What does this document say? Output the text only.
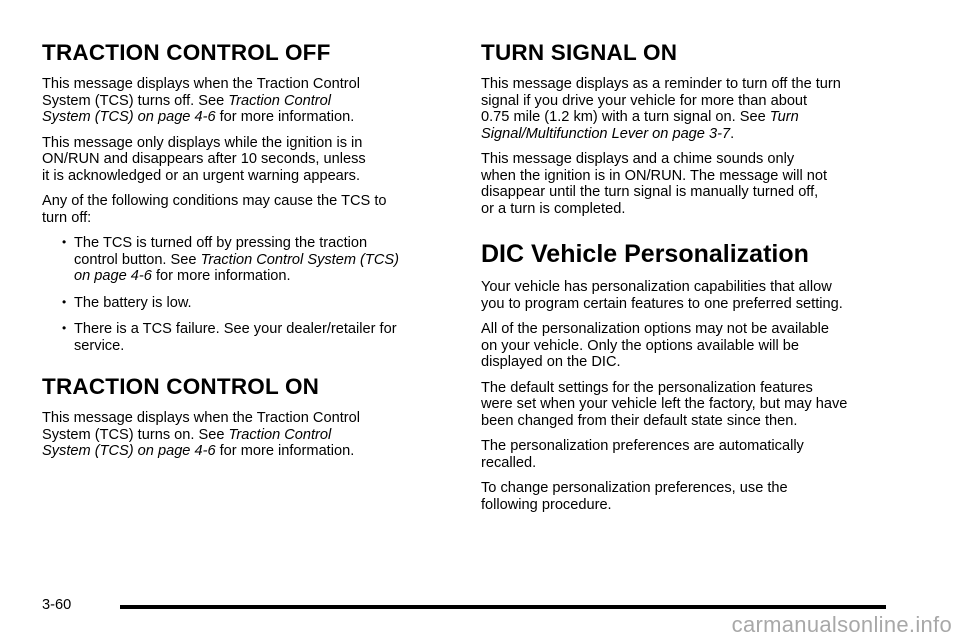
TRACTION CONTROL OFF

This message displays when the Traction Control
System (TCS) turns off. See Traction Control
System (TCS) on page 4-6 for more information.

This message only displays while the ignition is in
ON/RUN and disappears after 10 seconds, unless
it is acknowledged or an urgent warning appears.

Any of the following conditions may cause the TCS to
turn off:

• The TCS is turned off by pressing the traction
control button. See Traction Control System (TCS)
on page 4-6 for more information.
• The battery is low.
• There is a TCS failure. See your dealer/retailer for
service.
TRACTION CONTROL ON

This message displays when the Traction Control
System (TCS) turns on. See Traction Control
System (TCS) on page 4-6 for more information.

TURN SIGNAL ON

This message displays as a reminder to turn off the turn
signal if you drive your vehicle for more than about
0.75 mile (1.2 km) with a turn signal on. See Turn
Signal/Multifunction Lever on page 3-7.

This message displays and a chime sounds only
when the ignition is in ON/RUN. The message will not
disappear until the turn signal is manually turned off,
or a turn is completed.

DIC Vehicle Personalization

Your vehicle has personalization capabilities that allow
you to program certain features to one preferred setting.

All of the personalization options may not be available
on your vehicle. Only the options available will be
displayed on the DIC.

The default settings for the personalization features
were set when your vehicle left the factory, but may have
been changed from their default state since then.

The personalization preferences are automatically
recalled.

To change personalization preferences, use the
following procedure.

3-60
carmanualsonline.info
